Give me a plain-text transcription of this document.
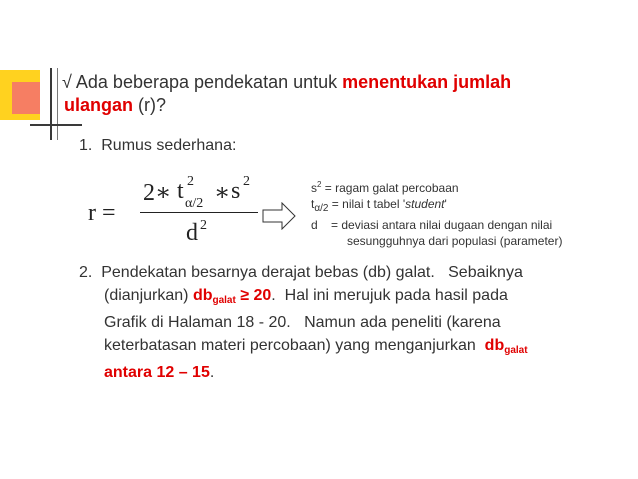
√ Ada beberapa pendekatan untuk menentukan jumlah
ulangan (r)?
1. Rumus sederhana:
r =
2∗ t 2
α/2 ∗ s 2
d 2
$s^2$ = ragam galat percobaan
$t_{\alpha/2}$ = nilai t tabel 'student'
d    = deviasi antara nilai dugaan dengan nilai
sesungguhnya dari populasi (parameter)
2. Pendekatan besarnya derajat bebas (db) galat.   Sebaiknya
(dianjurkan) $db_{galat} \ge 20$.  Hal ini merujuk pada hasil pada
Grafik di Halaman 18 - 20.   Namun ada peneliti (karena
keterbatasan materi percobaan) yang menganjurkan  $db_{galat}$
antara 12 – 15.
